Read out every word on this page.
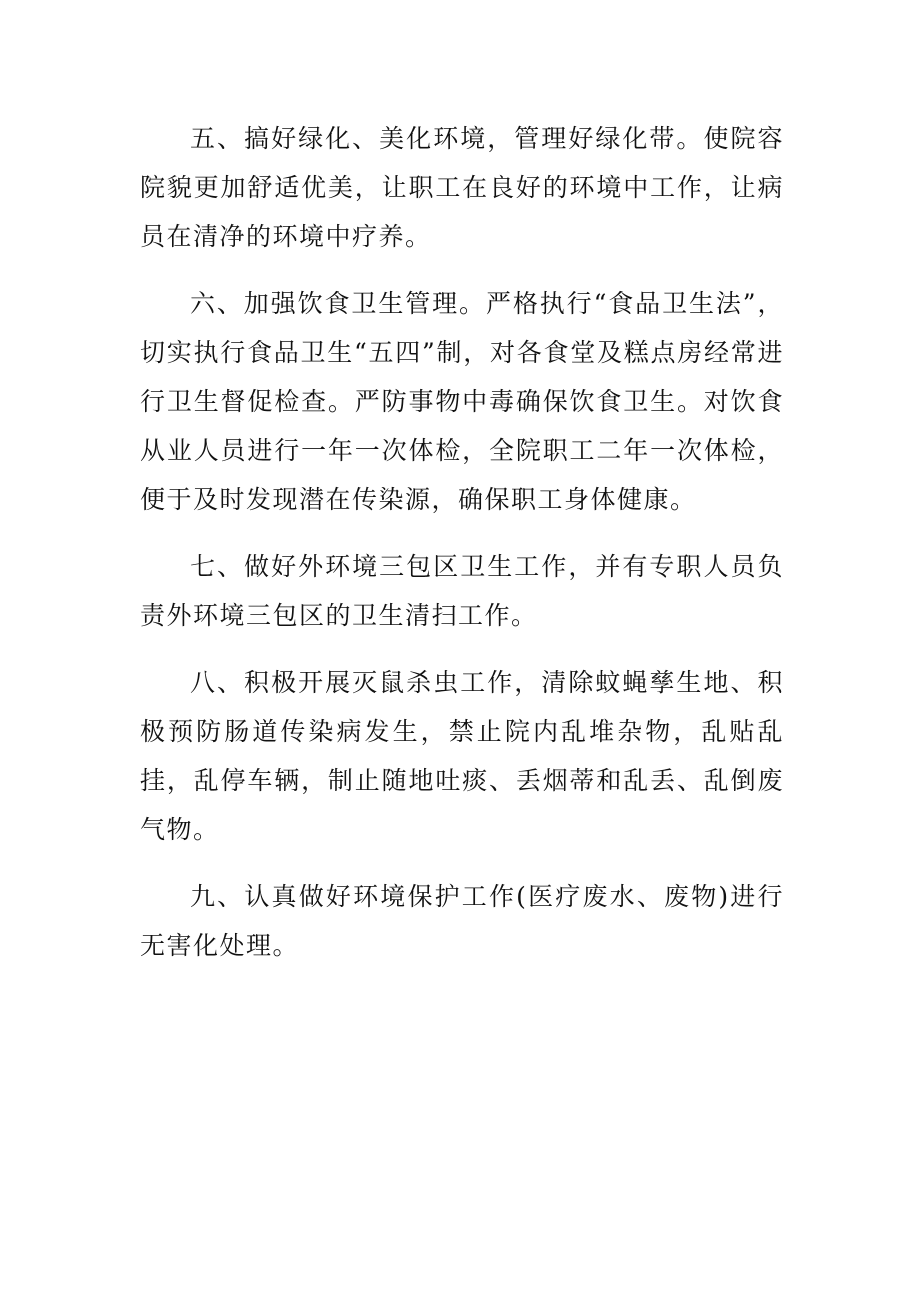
五、搞好绿化、美化环境，管理好绿化带。使院容院貌更加舒适优美，让职工在良好的环境中工作，让病员在清净的环境中疗养。

六、加强饮食卫生管理。严格执行“食品卫生法”，切实执行食品卫生“五四”制，对各食堂及糕点房经常进行卫生督促检查。严防事物中毒确保饮食卫生。对饮食从业人员进行一年一次体检，全院职工二年一次体检，便于及时发现潜在传染源，确保职工身体健康。

七、做好外环境三包区卫生工作，并有专职人员负责外环境三包区的卫生清扫工作。

八、积极开展灭鼠杀虫工作，清除蚊蝇孳生地、积极预防肠道传染病发生，禁止院内乱堆杂物，乱贴乱挂，乱停车辆，制止随地吐痰、丢烟蒂和乱丢、乱倒废气物。

九、认真做好环境保护工作(医疗废水、废物)进行无害化处理。
